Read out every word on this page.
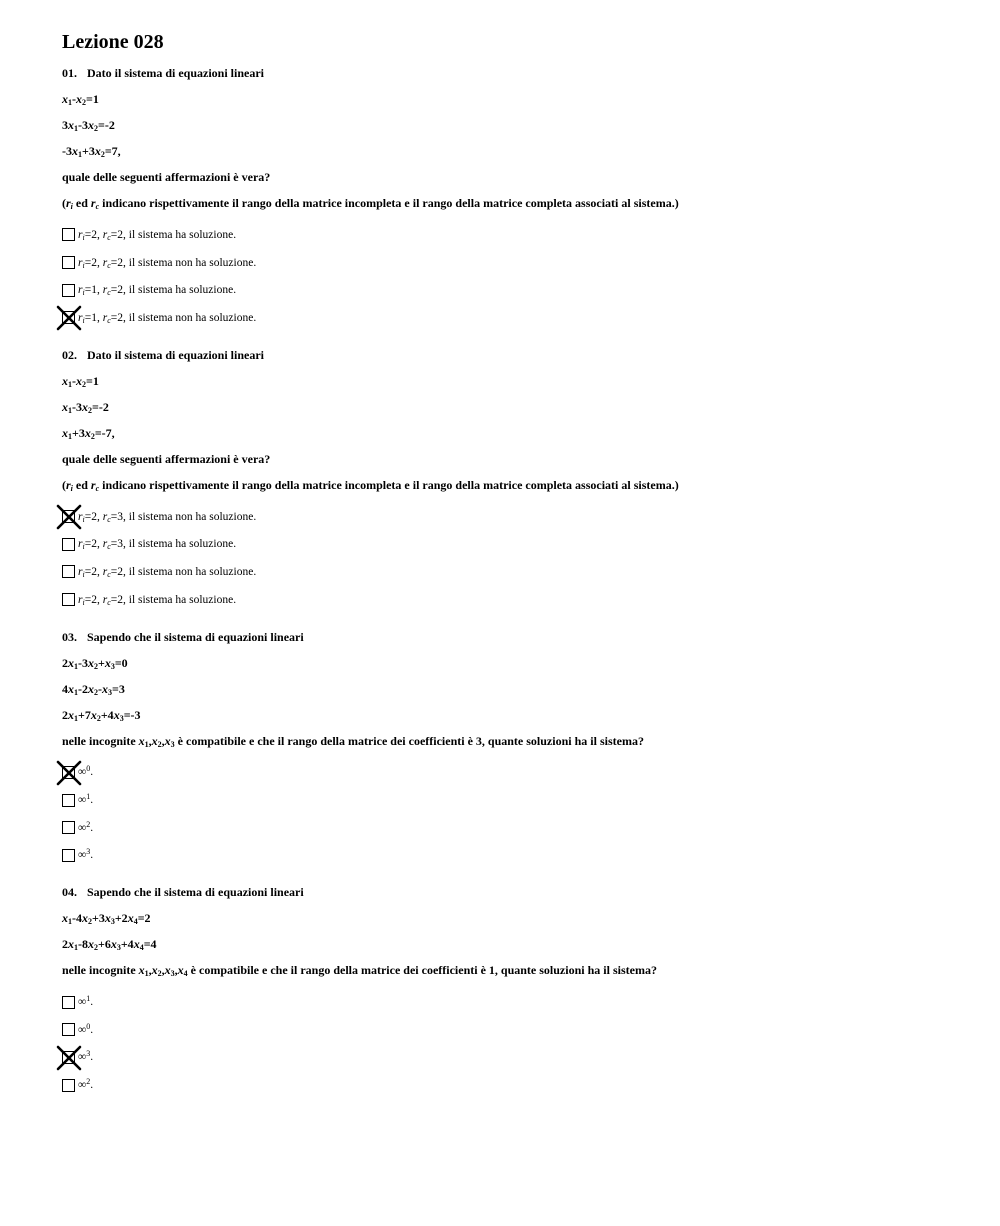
Lezione 028
01. Dato il sistema di equazioni lineari
$x_1-x_2=1$
$3x_1-3x_2=-2$
$-3x_1+3x_2=7$,
quale delle seguenti affermazioni è vera?
($r_i$ ed $r_c$ indicano rispettivamente il rango della matrice incompleta e il rango della matrice completa associati al sistema.)
$r_i=2$, $r_c=2$, il sistema ha soluzione.
$r_i=2$, $r_c=2$, il sistema non ha soluzione.
$r_i=1$, $r_c=2$, il sistema ha soluzione.
$r_i=1$, $r_c=2$, il sistema non ha soluzione.
02. Dato il sistema di equazioni lineari
$x_1-x_2=1$
$x_1-3x_2=-2$
$x_1+3x_2=-7$,
quale delle seguenti affermazioni è vera?
($r_i$ ed $r_c$ indicano rispettivamente il rango della matrice incompleta e il rango della matrice completa associati al sistema.)
$r_i=2$, $r_c=3$, il sistema non ha soluzione.
$r_i=2$, $r_c=3$, il sistema ha soluzione.
$r_i=2$, $r_c=2$, il sistema non ha soluzione.
$r_i=2$, $r_c=2$, il sistema ha soluzione.
03. Sapendo che il sistema di equazioni lineari
$2x_1-3x_2+x_3=0$
$4x_1-2x_2-x_3=3$
$2x_1+7x_2+4x_3=-3$
nelle incognite $x_1,x_2,x_3$ è compatibile e che il rango della matrice dei coefficienti è 3, quante soluzioni ha il sistema?
∞$^0$.
∞$^1$.
∞$^2$.
∞$^3$.
04. Sapendo che il sistema di equazioni lineari
$x_1-4x_2+3x_3+2x_4=2$
$2x_1-8x_2+6x_3+4x_4=4$
nelle incognite $x_1,x_2,x_3,x_4$ è compatibile e che il rango della matrice dei coefficienti è 1, quante soluzioni ha il sistema?
∞$^1$.
∞$^0$.
∞$^3$.
∞$^2$.
